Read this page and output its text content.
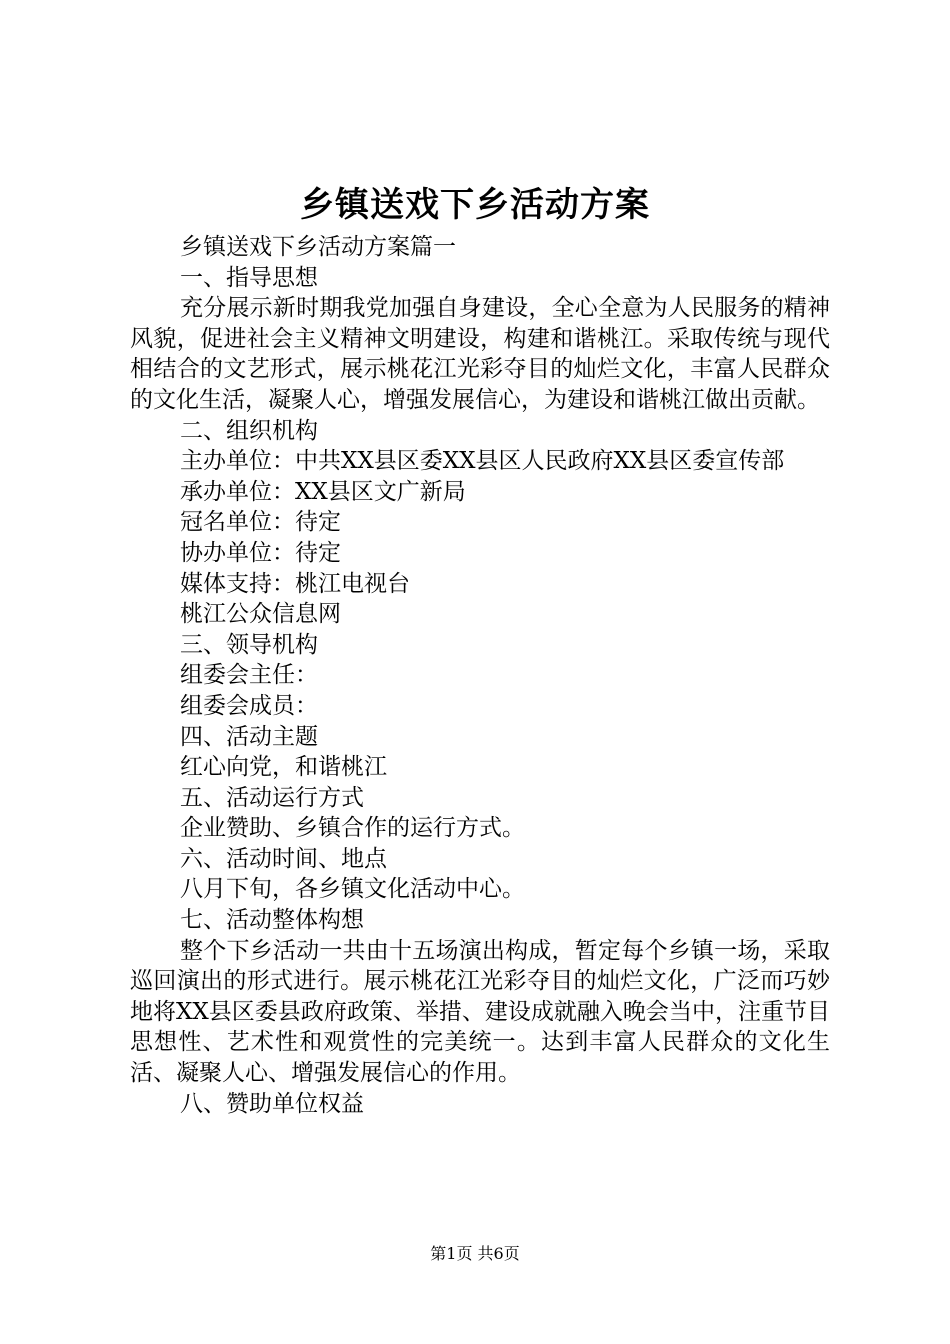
乡镇送戏下乡活动方案

乡镇送戏下乡活动方案篇一

一、指导思想

充分展示新时期我党加强自身建设，全心全意为人民服务的精神风貌，促进社会主义精神文明建设，构建和谐桃江。采取传统与现代相结合的文艺形式，展示桃花江光彩夺目的灿烂文化，丰富人民群众的文化生活，凝聚人心，增强发展信心，为建设和谐桃江做出贡献。

二、组织机构

主办单位：中共XX县区委XX县区人民政府XX县区委宣传部

承办单位：XX县区文广新局

冠名单位：待定

协办单位：待定

媒体支持：桃江电视台

桃江公众信息网

三、领导机构

组委会主任：

组委会成员：

四、活动主题

红心向党，和谐桃江

五、活动运行方式

企业赞助、乡镇合作的运行方式。

六、活动时间、地点

八月下旬，各乡镇文化活动中心。

七、活动整体构想

整个下乡活动一共由十五场演出构成，暂定每个乡镇一场，采取巡回演出的形式进行。展示桃花江光彩夺目的灿烂文化，广泛而巧妙地将XX县区委县政府政策、举措、建设成就融入晚会当中，注重节目思想性、艺术性和观赏性的完美统一。达到丰富人民群众的文化生活、凝聚人心、增强发展信心的作用。

八、赞助单位权益

第1页 共6页
